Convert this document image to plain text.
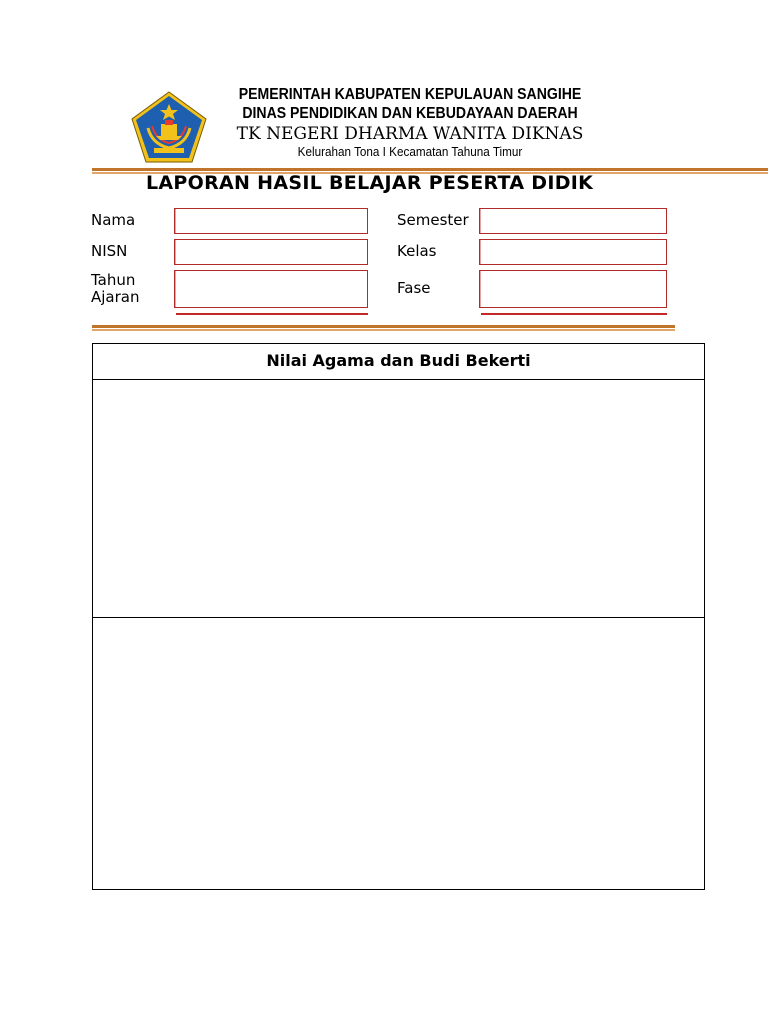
PEMERINTAH KABUPATEN KEPULAUAN SANGIHE
DINAS PENDIDIKAN DAN KEBUDAYAAN DAERAH
TK NEGERI DHARMA WANITA DIKNAS
Kelurahan Tona I Kecamatan Tahuna Timur
LAPORAN HASIL BELAJAR PESERTA DIDIK
Nama
NISN
Tahun
Ajaran
Semester
Kelas
Fase
Nilai Agama dan Budi Bekerti
